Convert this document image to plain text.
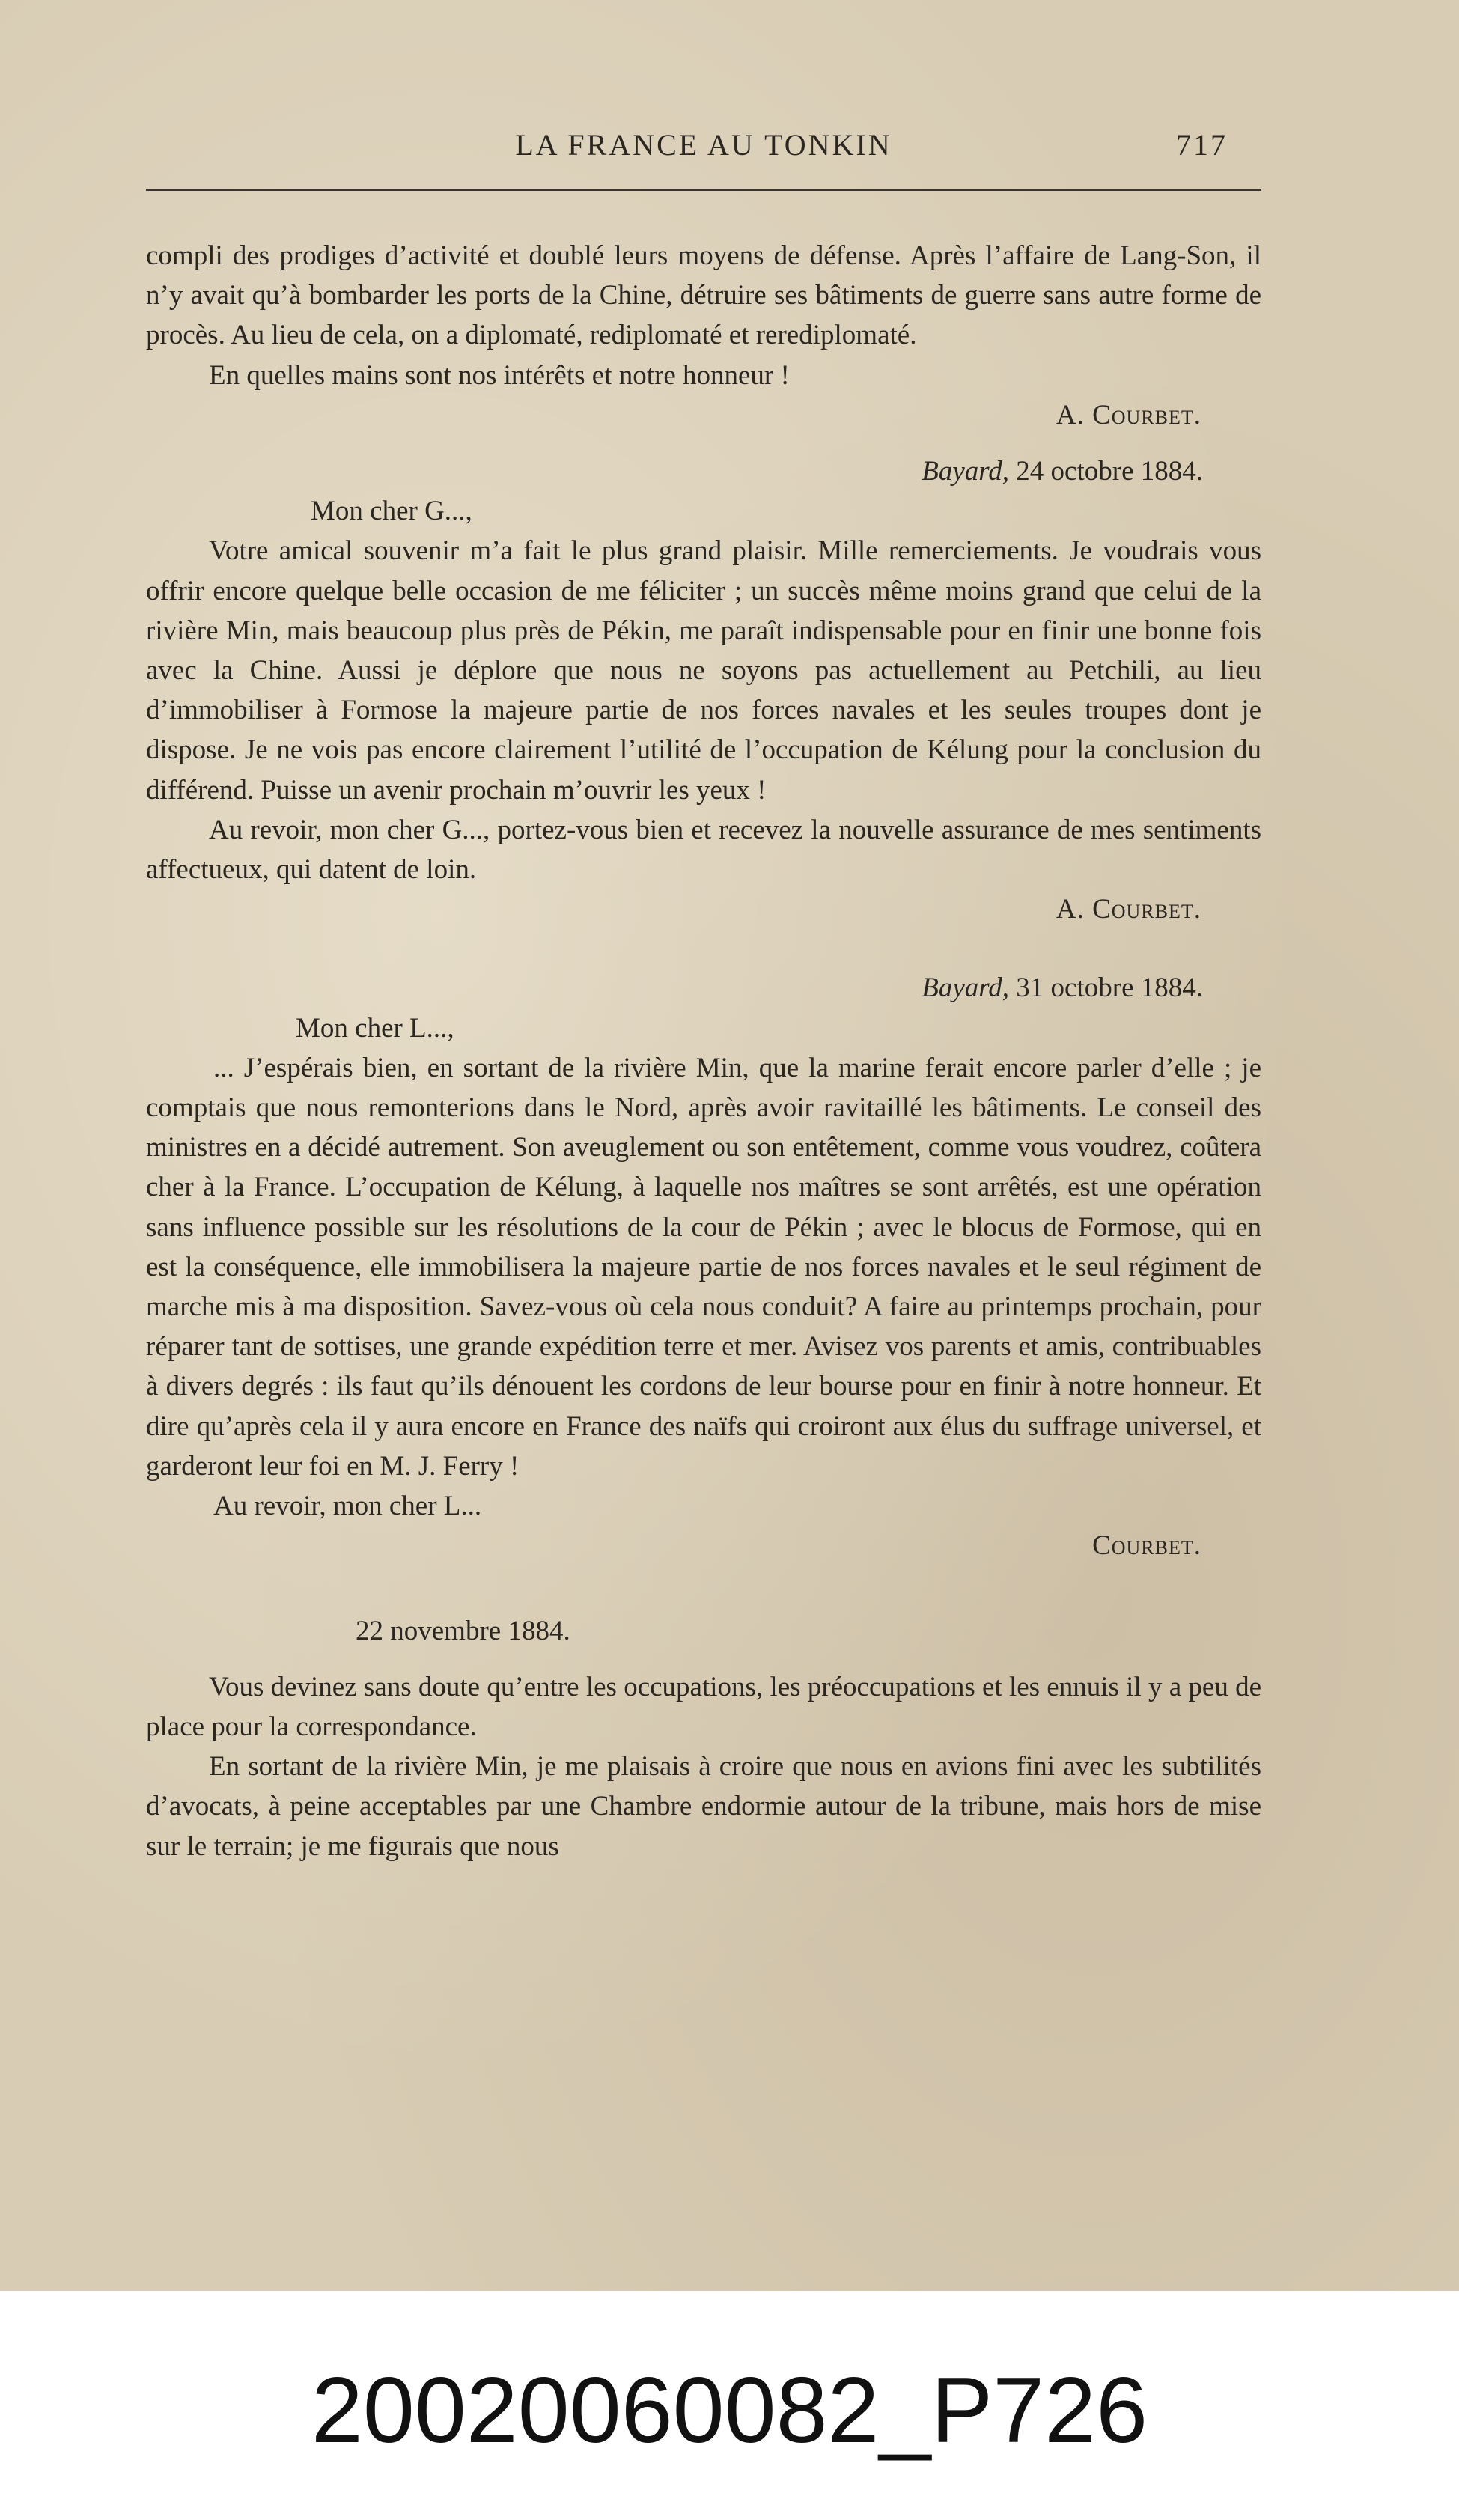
LA FRANCE AU TONKIN	717

compli des prodiges d’activité et doublé leurs moyens de défense. Après l’affaire de Lang-Son, il n’y avait qu’à bombarder les ports de la Chine, détruire ses bâtiments de guerre sans autre forme de procès. Au lieu de cela, on a diplomaté, rediplomaté et rerediplomaté.

En quelles mains sont nos intérêts et notre honneur !

A. Courbet.

Bayard, 24 octobre 1884.

Mon cher G...,

Votre amical souvenir m’a fait le plus grand plaisir. Mille remerciements. Je voudrais vous offrir encore quelque belle occasion de me féliciter ; un succès même moins grand que celui de la rivière Min, mais beaucoup plus près de Pékin, me paraît indispensable pour en finir une bonne fois avec la Chine. Aussi je déplore que nous ne soyons pas actuellement au Petchili, au lieu d’immobiliser à Formose la majeure partie de nos forces navales et les seules troupes dont je dispose. Je ne vois pas encore clairement l’utilité de l’occupation de Kélung pour la conclusion du différend. Puisse un avenir prochain m’ouvrir les yeux !

Au revoir, mon cher G..., portez-vous bien et recevez la nouvelle assurance de mes sentiments affectueux, qui datent de loin.

A. Courbet.

Bayard, 31 octobre 1884.

Mon cher L...,

... J’espérais bien, en sortant de la rivière Min, que la marine ferait encore parler d’elle ; je comptais que nous remonterions dans le Nord, après avoir ravitaillé les bâtiments. Le conseil des ministres en a décidé autrement. Son aveuglement ou son entêtement, comme vous voudrez, coûtera cher à la France. L’occupation de Kélung, à laquelle nos maîtres se sont arrêtés, est une opération sans influence possible sur les résolutions de la cour de Pékin ; avec le blocus de Formose, qui en est la conséquence, elle immobilisera la majeure partie de nos forces navales et le seul régiment de marche mis à ma disposition. Savez-vous où cela nous conduit? A faire au printemps prochain, pour réparer tant de sottises, une grande expédition terre et mer. Avisez vos parents et amis, contribuables à divers degrés : ils faut qu’ils dénouent les cordons de leur bourse pour en finir à notre honneur. Et dire qu’après cela il y aura encore en France des naïfs qui croiront aux élus du suffrage universel, et garderont leur foi en M. J. Ferry !

Au revoir, mon cher L...

Courbet.

22 novembre 1884.

Vous devinez sans doute qu’entre les occupations, les préoccupations et les ennuis il y a peu de place pour la correspondance.

En sortant de la rivière Min, je me plaisais à croire que nous en avions fini avec les subtilités d’avocats, à peine acceptables par une Chambre endormie autour de la tribune, mais hors de mise sur le terrain; je me figurais que nous

20020060082_P726
